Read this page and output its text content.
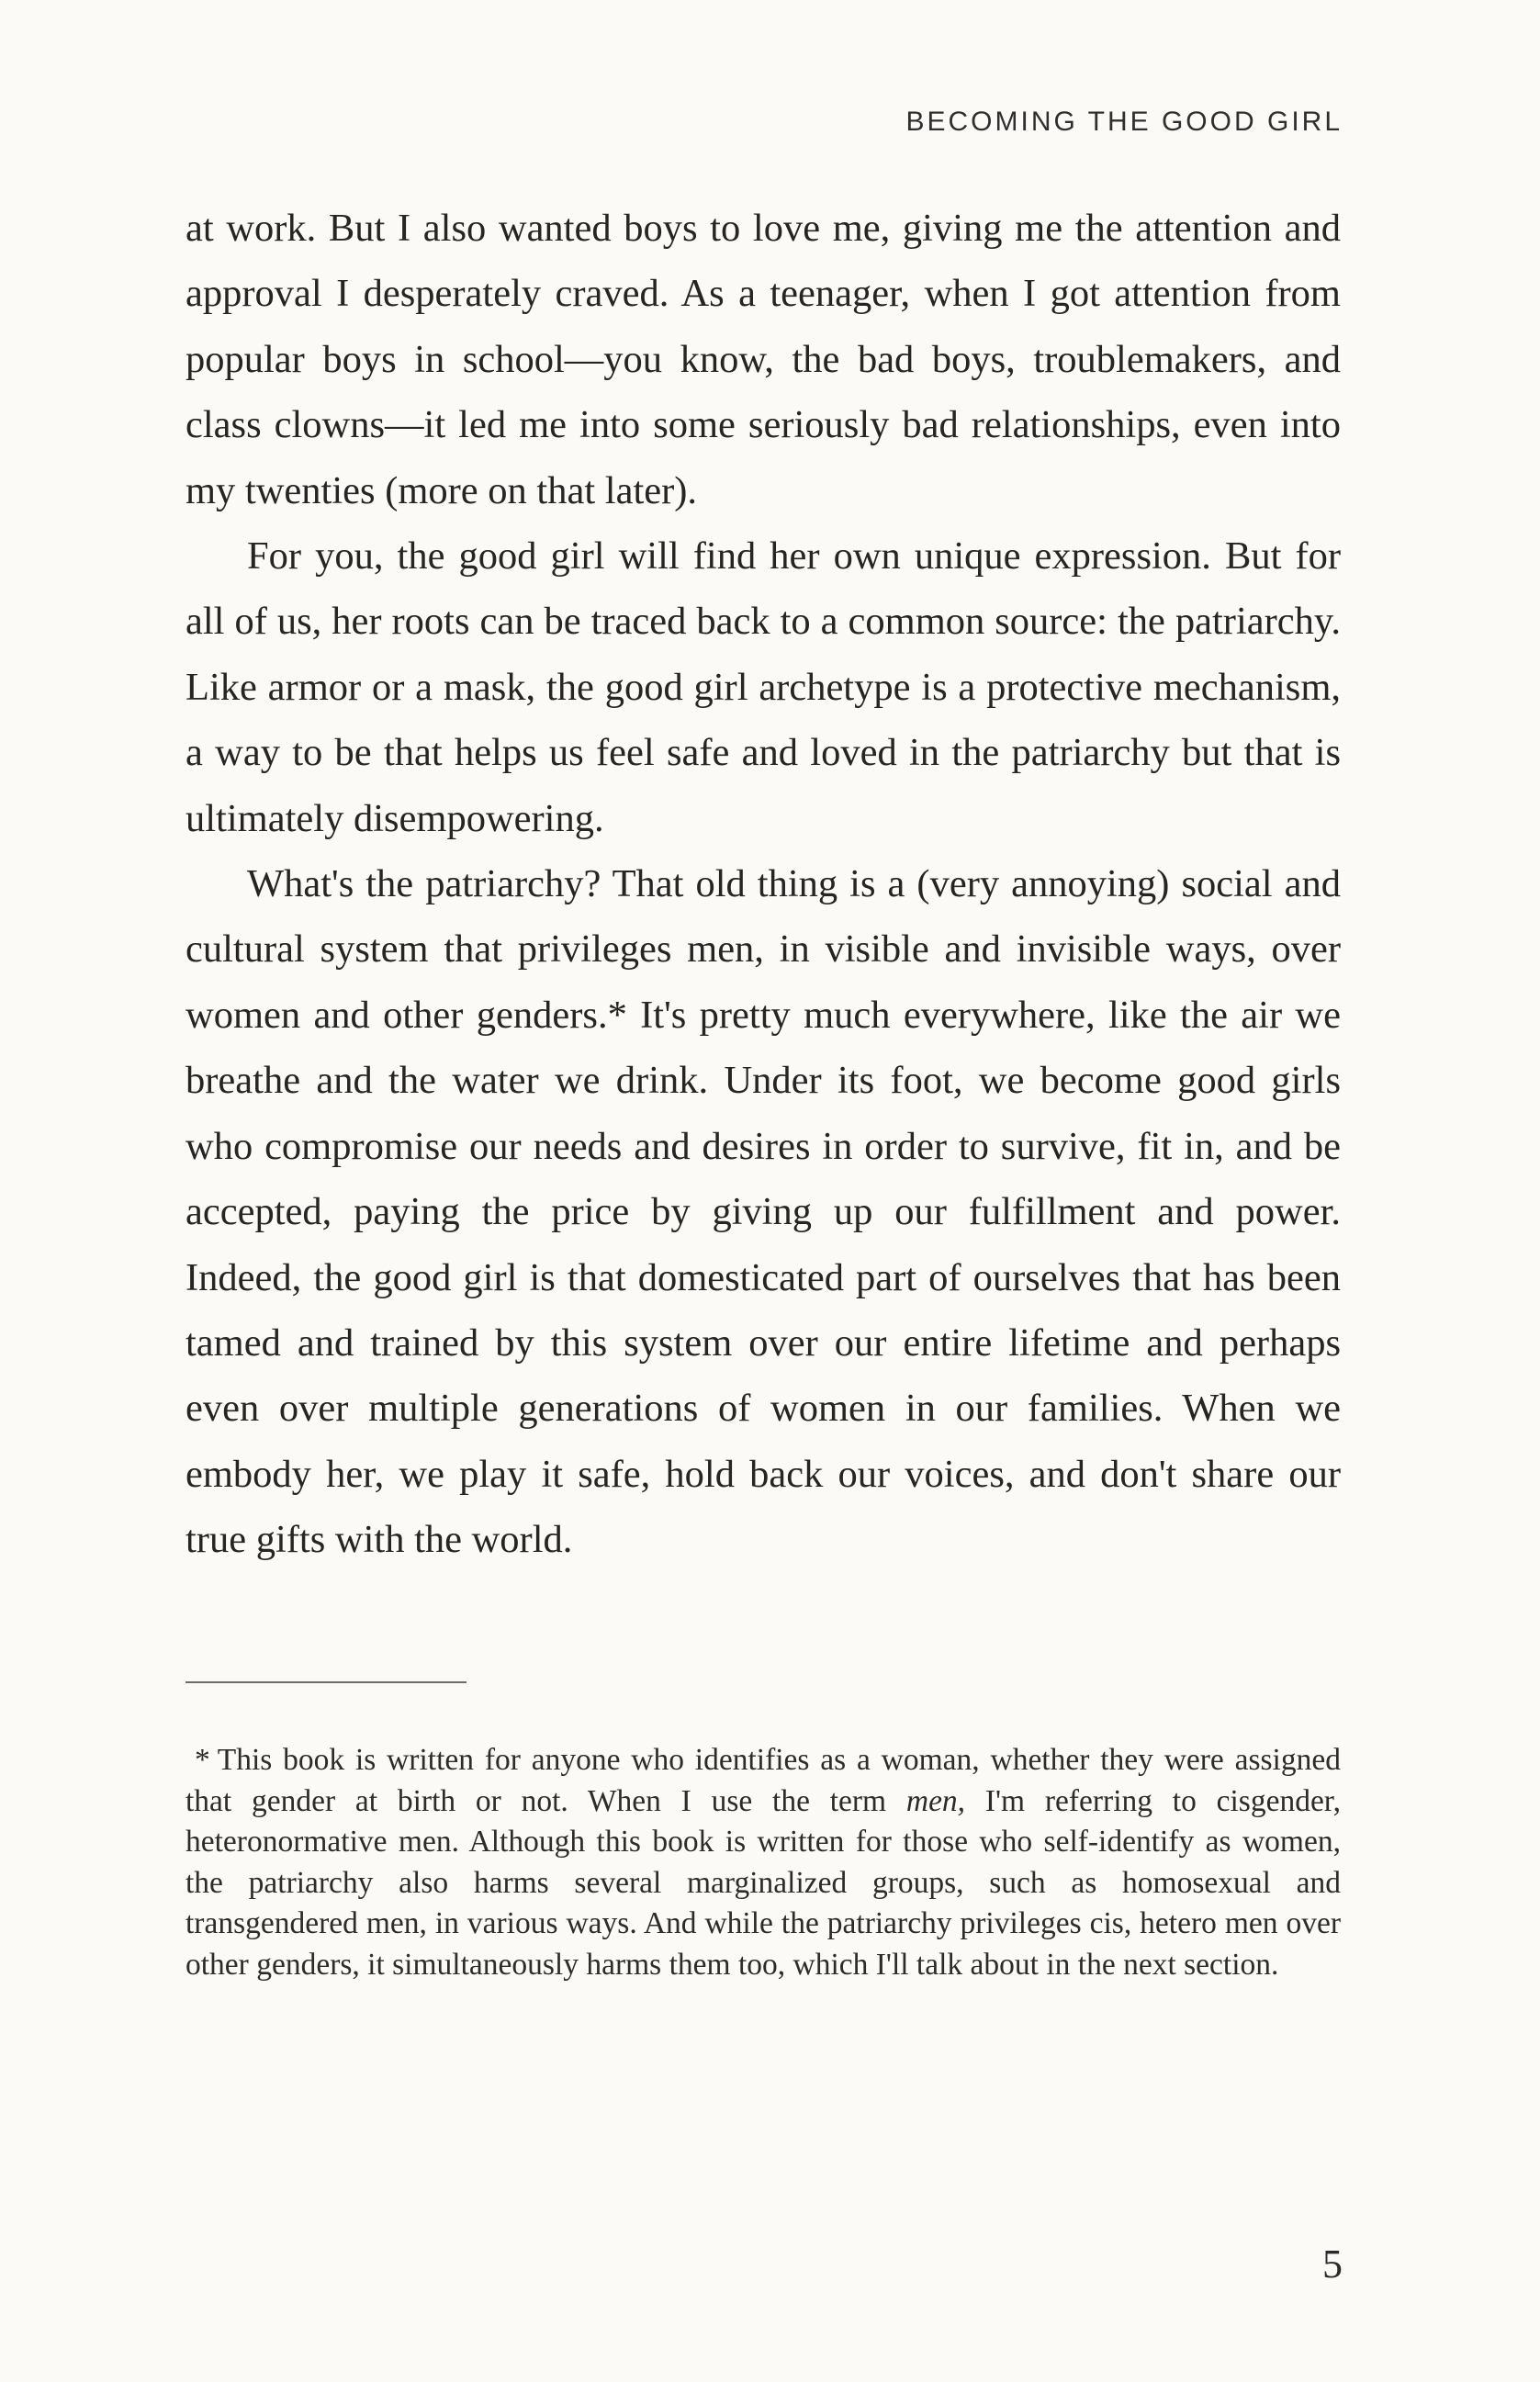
BECOMING THE GOOD GIRL

at work. But I also wanted boys to love me, giving me the attention and approval I desperately craved. As a teenager, when I got attention from popular boys in school—you know, the bad boys, troublemakers, and class clowns—it led me into some seriously bad relationships, even into my twenties (more on that later).

For you, the good girl will find her own unique expression. But for all of us, her roots can be traced back to a common source: the patriarchy. Like armor or a mask, the good girl archetype is a protective mechanism, a way to be that helps us feel safe and loved in the patriarchy but that is ultimately disempowering.

What's the patriarchy? That old thing is a (very annoying) social and cultural system that privileges men, in visible and invisible ways, over women and other genders.* It's pretty much everywhere, like the air we breathe and the water we drink. Under its foot, we become good girls who compromise our needs and desires in order to survive, fit in, and be accepted, paying the price by giving up our fulfillment and power. Indeed, the good girl is that domesticated part of ourselves that has been tamed and trained by this system over our entire lifetime and perhaps even over multiple generations of women in our families. When we embody her, we play it safe, hold back our voices, and don't share our true gifts with the world.

* This book is written for anyone who identifies as a woman, whether they were assigned that gender at birth or not. When I use the term men, I'm referring to cisgender, heteronormative men. Although this book is written for those who self-identify as women, the patriarchy also harms several marginalized groups, such as homosexual and transgendered men, in various ways. And while the patriarchy privileges cis, hetero men over other genders, it simultaneously harms them too, which I'll talk about in the next section.

5
